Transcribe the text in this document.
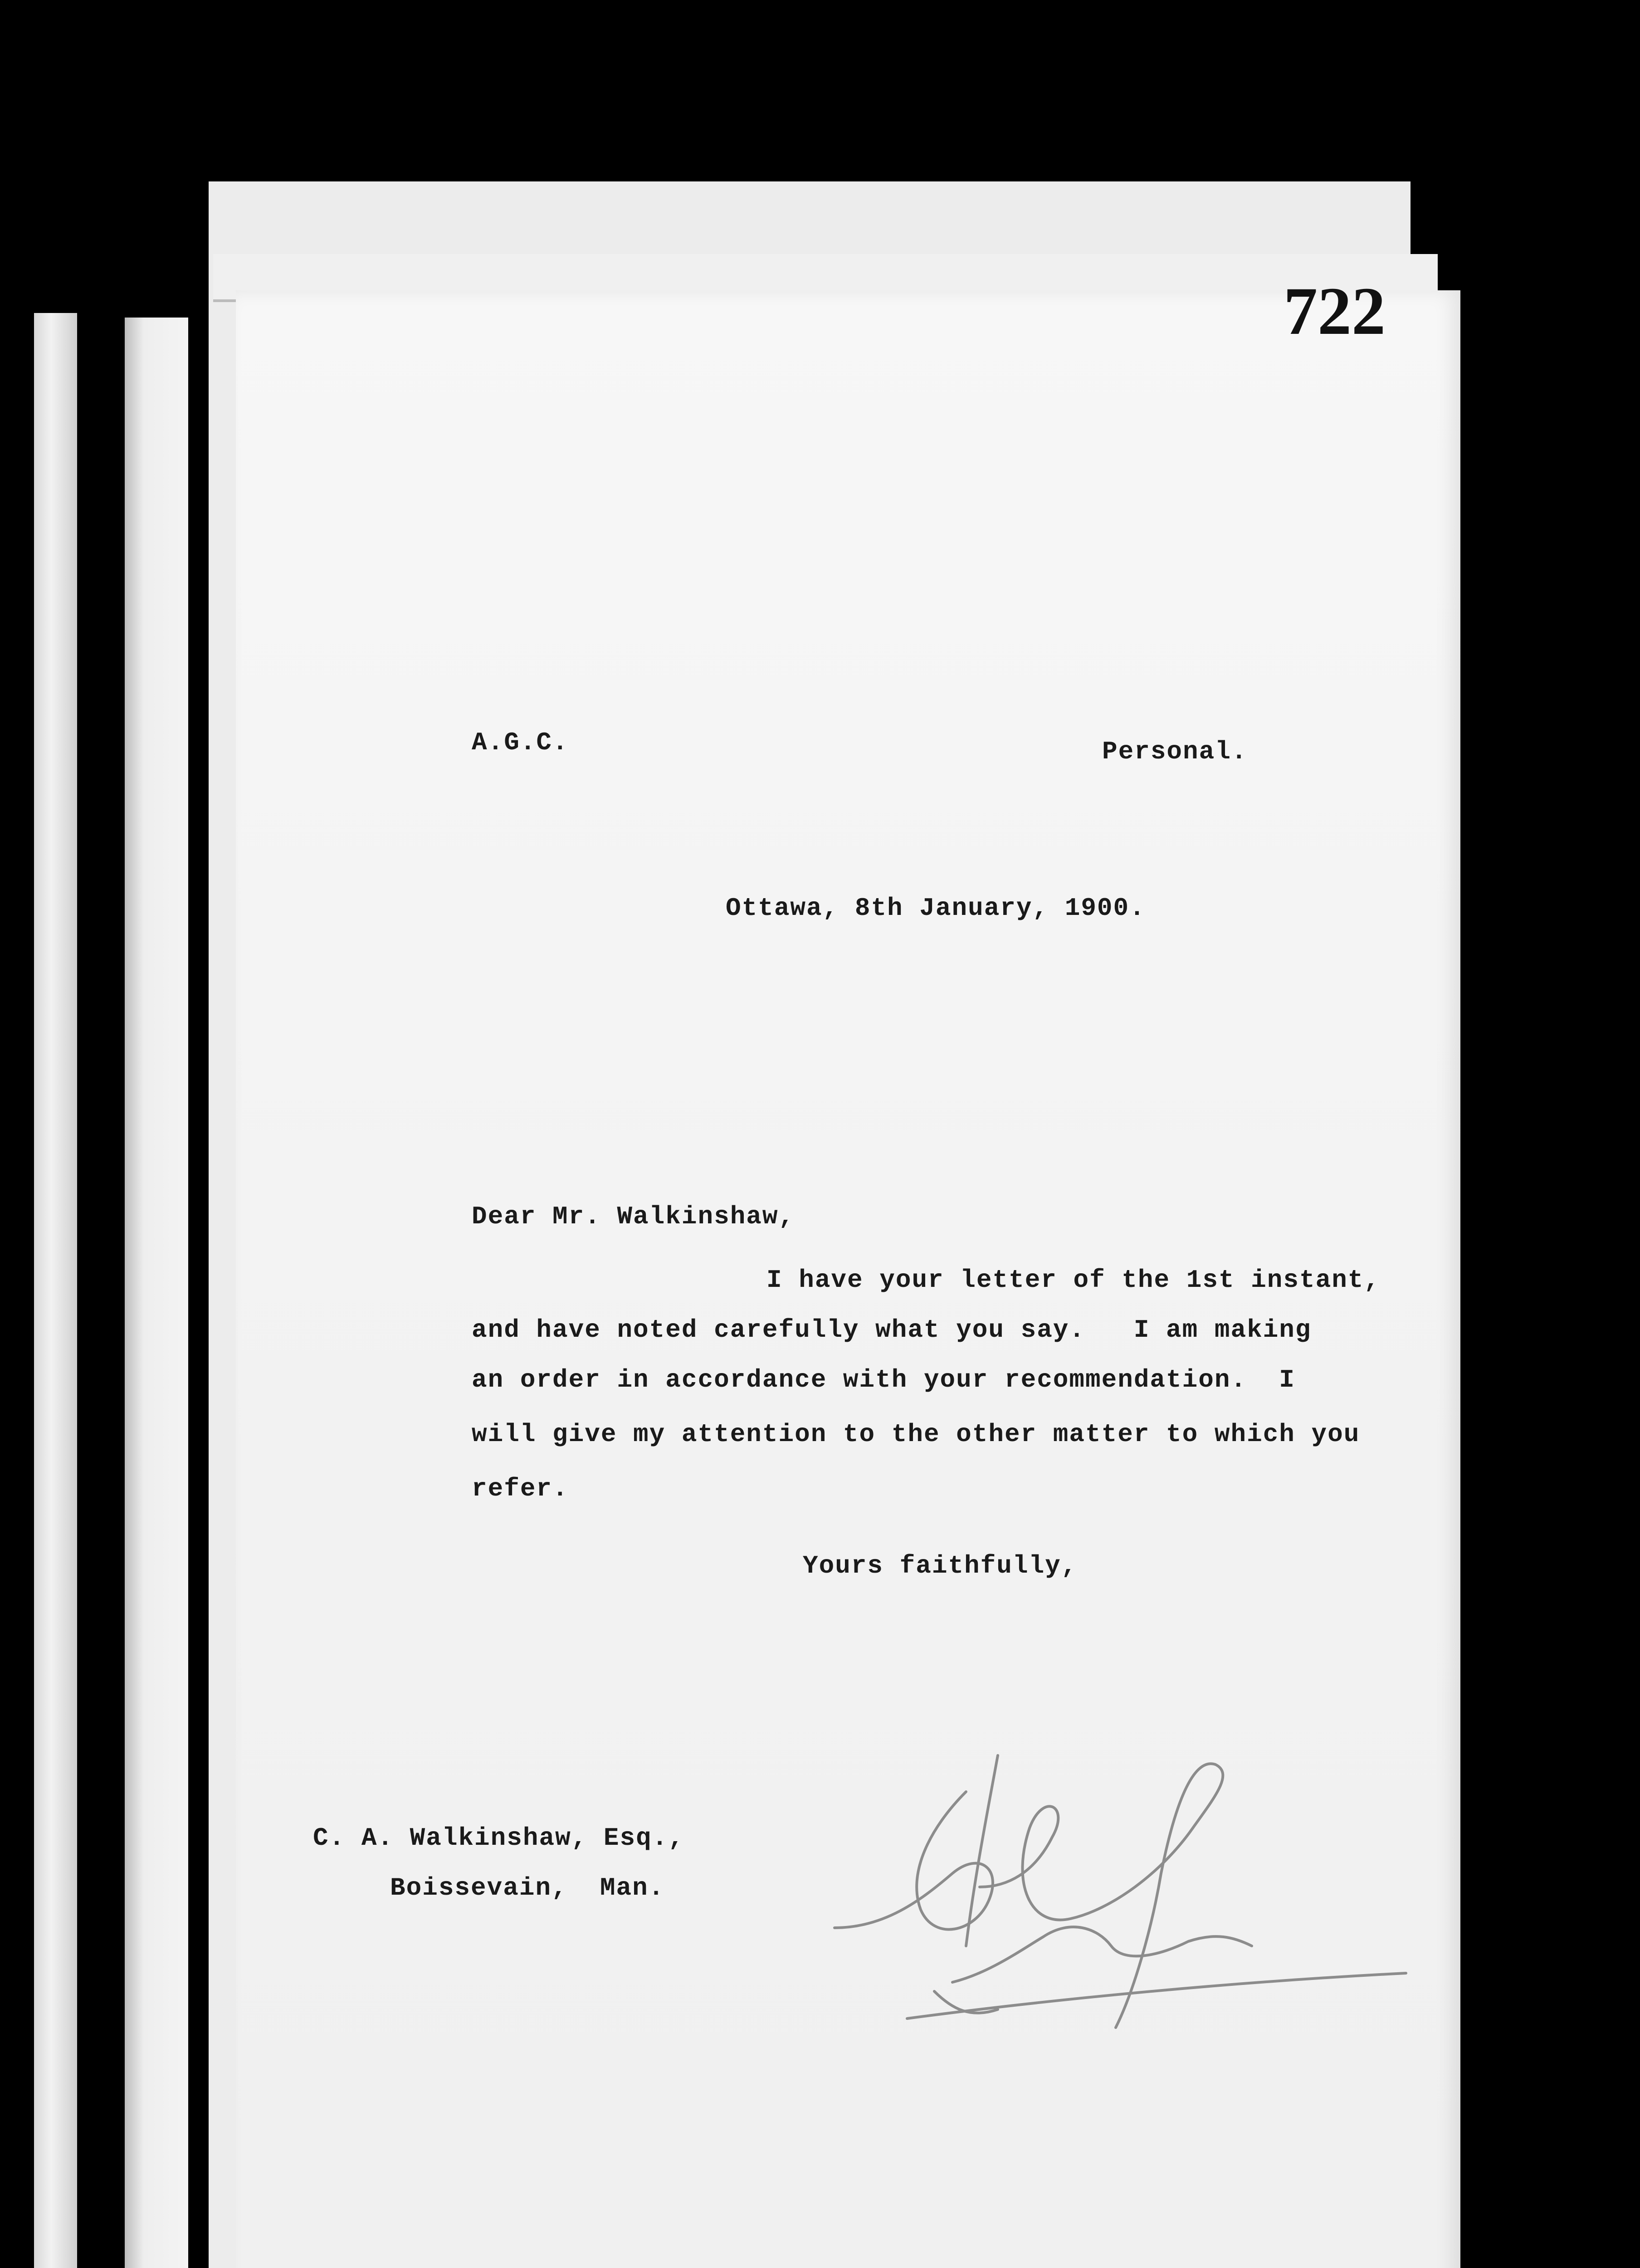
722
A.G.C.	Personal.
Ottawa, 8th January, 1900.
Dear Mr. Walkinshaw,
I have your letter of the 1st instant,
and have noted carefully what you say.   I am making
an order in accordance with your recommendation.  I
will give my attention to the other matter to which you
refer.
Yours faithfully,
C. A. Walkinshaw, Esq.,
Boissevain,  Man.
